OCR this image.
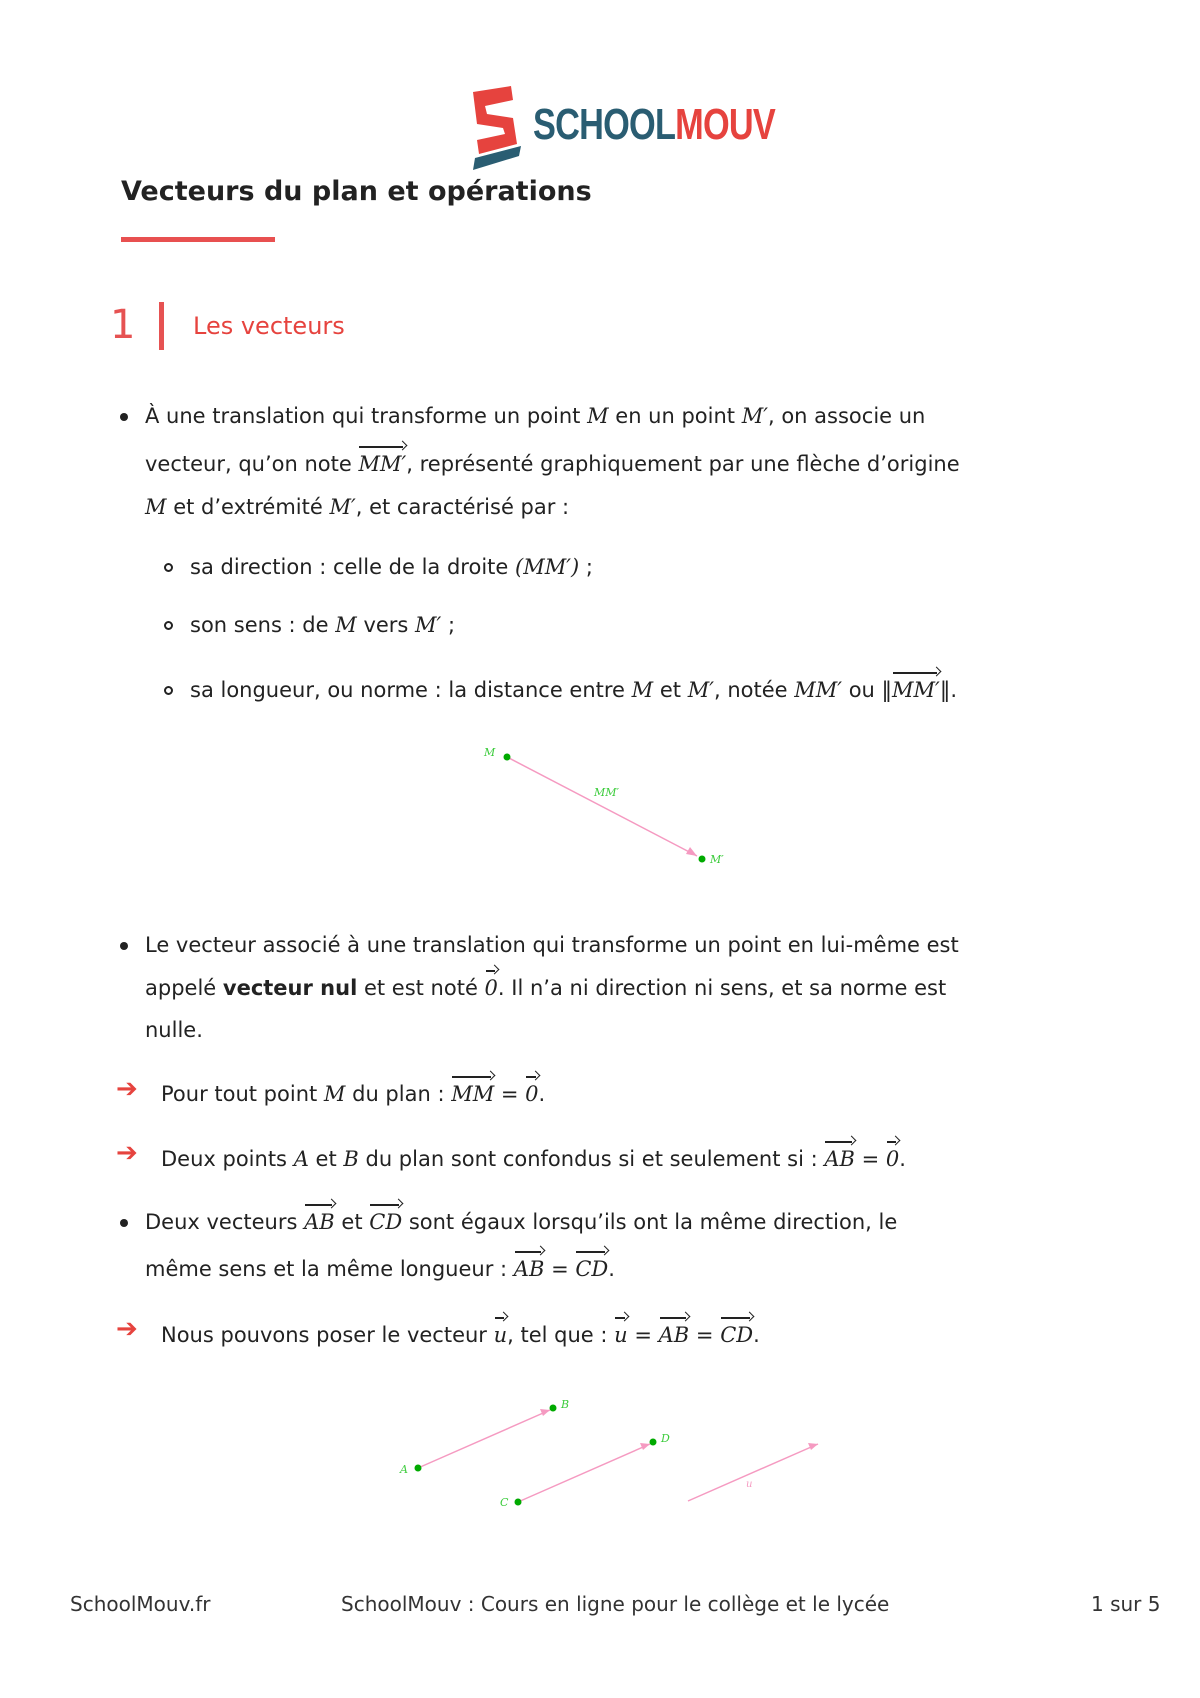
SCHOOLMOUV
Vecteurs du plan et opérations
1 Les vecteurs
À une translation qui transforme un point M en un point M′, on associe un
vecteur, qu’on note MM′, représenté graphiquement par une flèche d’origine
M et d’extrémité M′, et caractérisé par :
sa direction : celle de la droite (MM′) ;
son sens : de M vers M′ ;
sa longueur, ou norme : la distance entre M et M′, notée MM′ ou ‖MM′‖.
M
M′
MM′
Le vecteur associé à une translation qui transforme un point en lui-même est
appelé vecteur nul et est noté 0. Il n’a ni direction ni sens, et sa norme est
nulle.
➔ Pour tout point M du plan : MM = 0.
➔ Deux points A et B du plan sont confondus si et seulement si : AB = 0.
Deux vecteurs AB et CD sont égaux lorsqu’ils ont la même direction, le
même sens et la même longueur : AB = CD.
➔ Nous pouvons poser le vecteur u, tel que : u = AB = CD.
A
B
C
D
u
SchoolMouv.fr	SchoolMouv : Cours en ligne pour le collège et le lycée	1 sur 5
